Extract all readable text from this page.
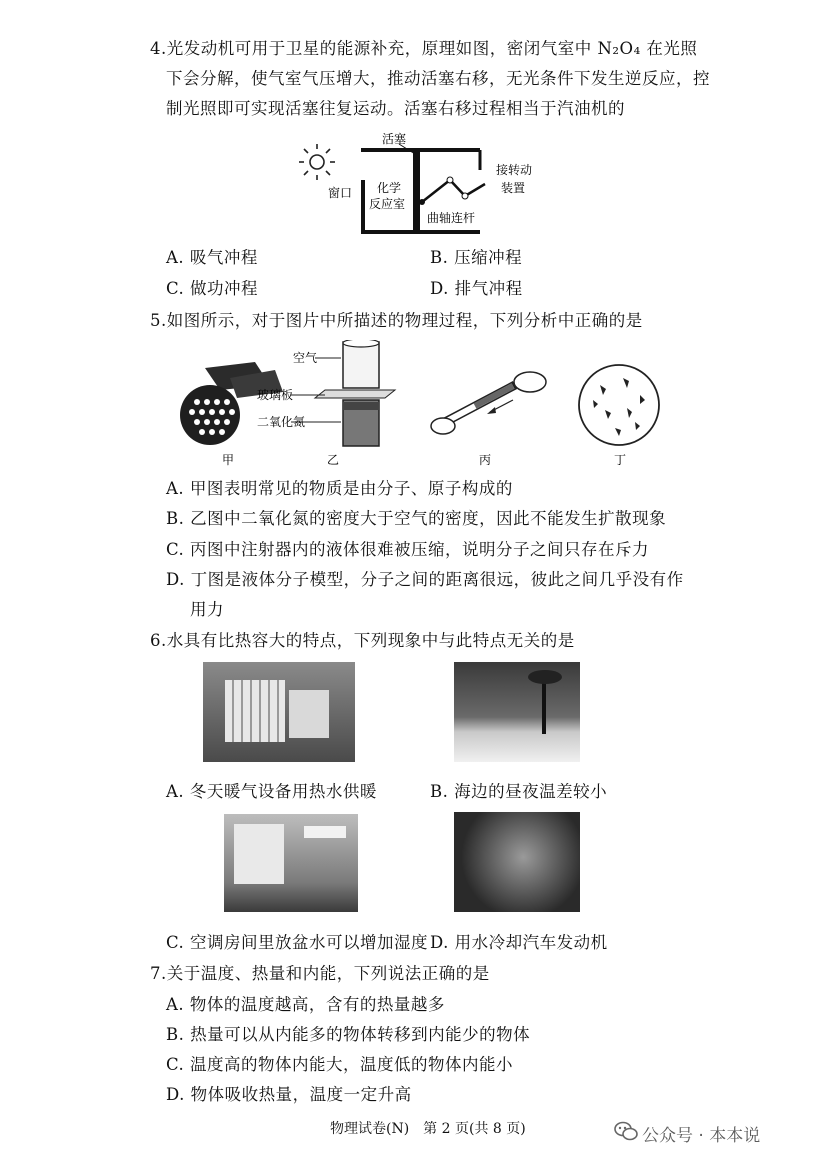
4.光发动机可用于卫星的能源补充，原理如图，密闭气室中 N₂O₄ 在光照
下会分解，使气室气压增大，推动活塞右移，无光条件下发生逆反应，控
制光照即可实现活塞往复运动。活塞右移过程相当于汽油机的
活塞
窗口 化学
反应室
曲轴连杆
接转动
装置
A. 吸气冲程	B. 压缩冲程
C. 做功冲程	D. 排气冲程
5.如图所示，对于图片中所描述的物理过程，下列分析中正确的是
甲
空气
玻璃板
二氧化氮
乙	丙	丁
A. 甲图表明常见的物质是由分子、原子构成的
B. 乙图中二氧化氮的密度大于空气的密度，因此不能发生扩散现象
C. 丙图中注射器内的液体很难被压缩，说明分子之间只存在斥力
D. 丁图是液体分子模型，分子之间的距离很远，彼此之间几乎没有作
用力
6.水具有比热容大的特点，下列现象中与此特点无关的是
A. 冬天暖气设备用热水供暖	B. 海边的昼夜温差较小
C. 空调房间里放盆水可以增加湿度 D. 用水冷却汽车发动机
7.关于温度、热量和内能，下列说法正确的是
A. 物体的温度越高，含有的热量越多
B. 热量可以从内能多的物体转移到内能少的物体
C. 温度高的物体内能大，温度低的物体内能小
D. 物体吸收热量，温度一定升高
物理试卷(N)　第 2 页(共 8 页)	公众号 · 本本说
